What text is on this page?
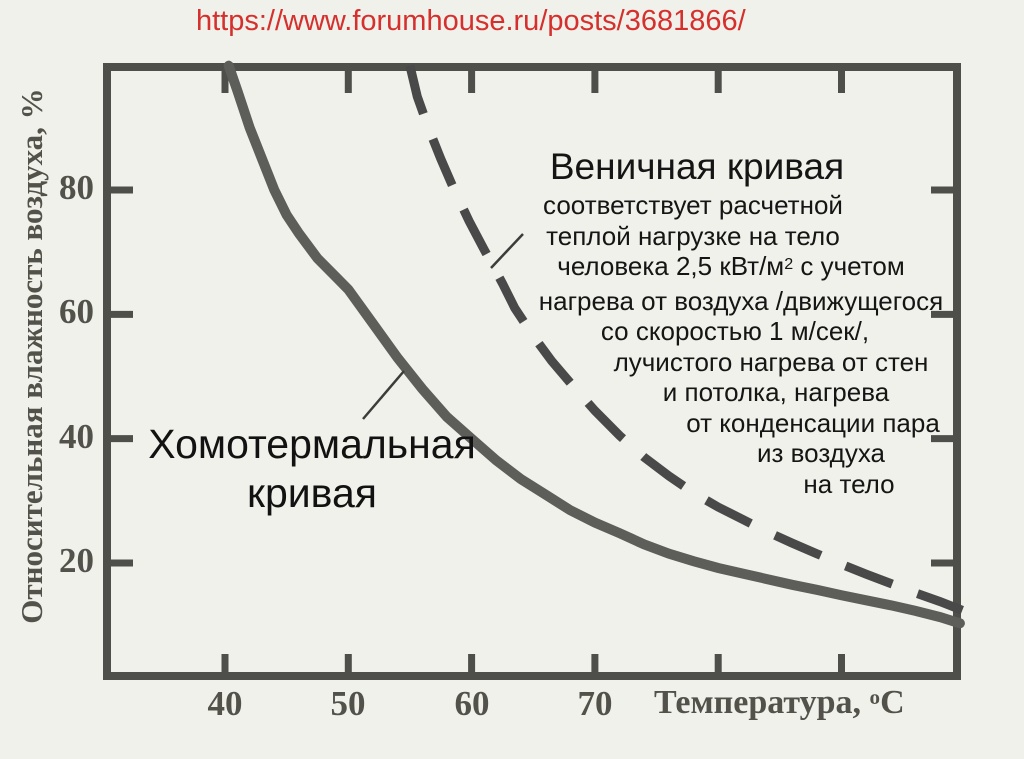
https://www.forumhouse.ru/posts/3681866/
Относительная влажность воздуха, % 80
60
40
20
40	50	60	70	Температура, $^о$С
Хомотермальная
кривая
Веничная кривая
соответствует расчетной
теплой нагрузке на тело
человека 2,5 кВт/$м^2$ с учетом
нагрева от воздуха /движущегося
со скоростью 1 м/сек/,
лучистого нагрева от стен
и потолка, нагрева
от конденсации пара
из воздуха
на тело
